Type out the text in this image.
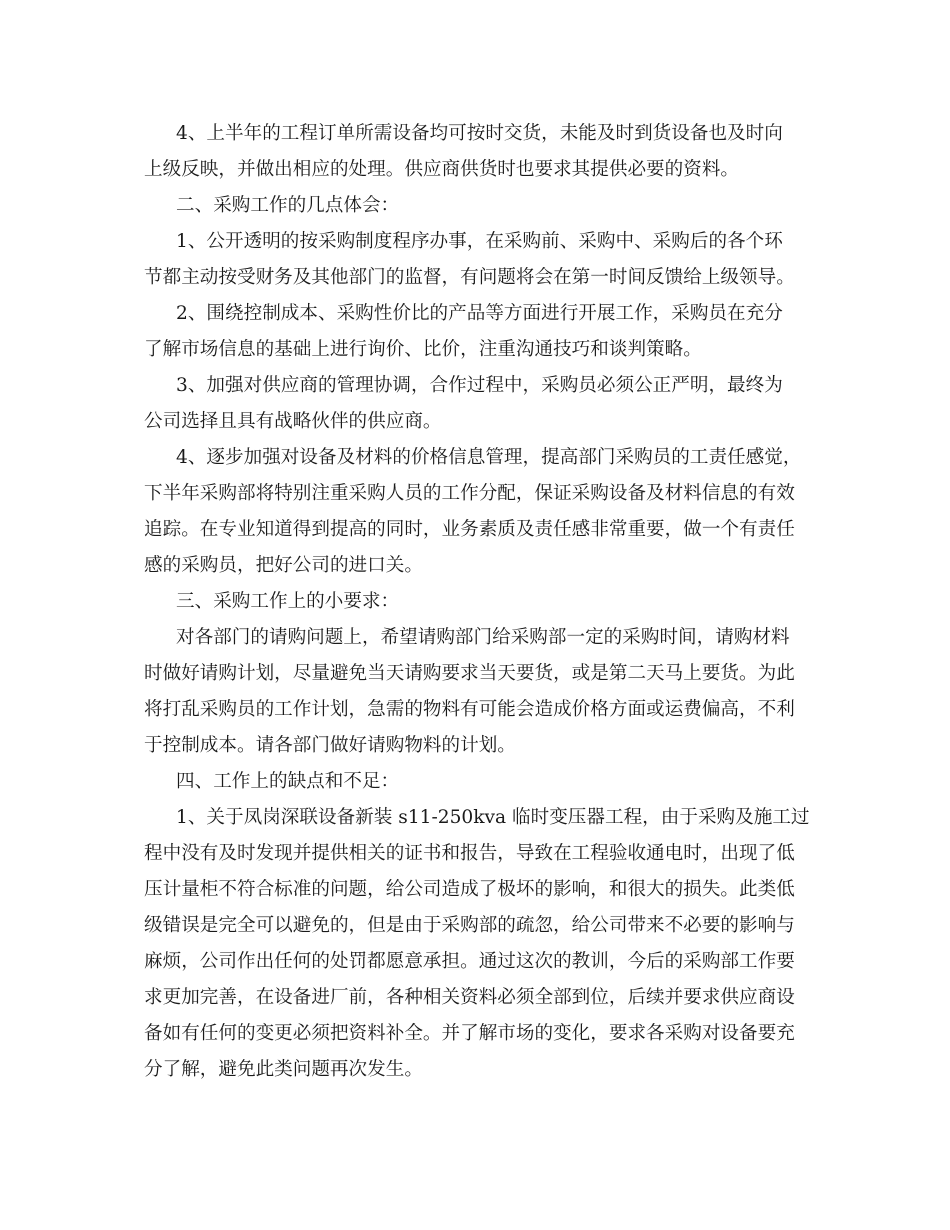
4、上半年的工程订单所需设备均可按时交货，未能及时到货设备也及时向
上级反映，并做出相应的处理。供应商供货时也要求其提供必要的资料。
二、采购工作的几点体会：
1、公开透明的按采购制度程序办事，在采购前、采购中、采购后的各个环
节都主动按受财务及其他部门的监督，有问题将会在第一时间反馈给上级领导。
2、围绕控制成本、采购性价比的产品等方面进行开展工作，采购员在充分
了解市场信息的基础上进行询价、比价，注重沟通技巧和谈判策略。
3、加强对供应商的管理协调，合作过程中，采购员必须公正严明，最终为
公司选择且具有战略伙伴的供应商。
4、逐步加强对设备及材料的价格信息管理，提高部门采购员的工责任感觉，
下半年采购部将特别注重采购人员的工作分配，保证采购设备及材料信息的有效
追踪。在专业知道得到提高的同时，业务素质及责任感非常重要，做一个有责任
感的采购员，把好公司的进口关。
三、采购工作上的小要求：
对各部门的请购问题上，希望请购部门给采购部一定的采购时间，请购材料
时做好请购计划，尽量避免当天请购要求当天要货，或是第二天马上要货。为此
将打乱采购员的工作计划，急需的物料有可能会造成价格方面或运费偏高，不利
于控制成本。请各部门做好请购物料的计划。
四、工作上的缺点和不足：
1、关于凤岗深联设备新装 s11-250kva 临时变压器工程，由于采购及施工过
程中没有及时发现并提供相关的证书和报告，导致在工程验收通电时，出现了低
压计量柜不符合标准的问题，给公司造成了极坏的影响，和很大的损失。此类低
级错误是完全可以避免的，但是由于采购部的疏忽，给公司带来不必要的影响与
麻烦，公司作出任何的处罚都愿意承担。通过这次的教训，今后的采购部工作要
求更加完善，在设备进厂前，各种相关资料必须全部到位，后续并要求供应商设
备如有任何的变更必须把资料补全。并了解市场的变化，要求各采购对设备要充
分了解，避免此类问题再次发生。
